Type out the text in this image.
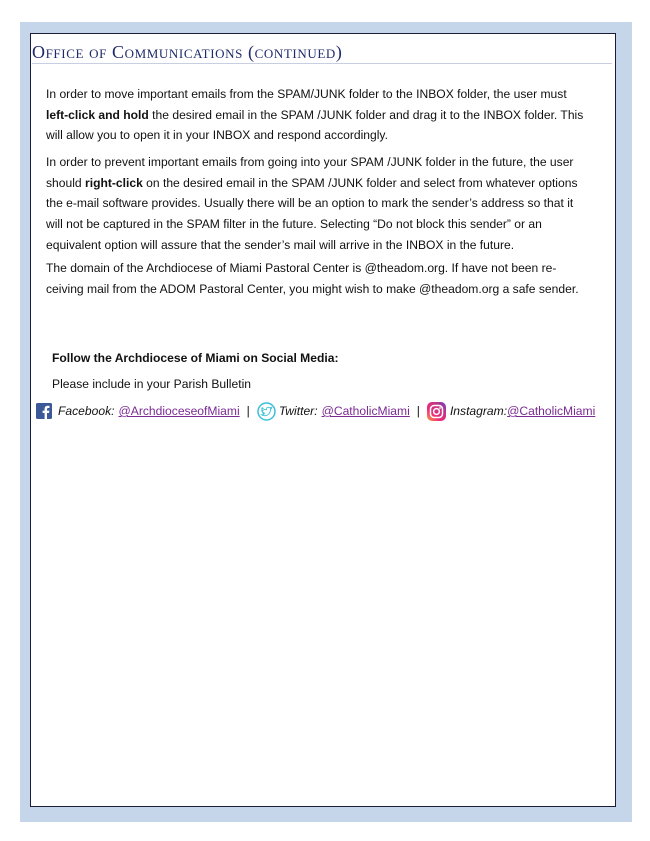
Office of Communications (continued)

In order to move important emails from the SPAM/JUNK folder to the INBOX folder, the user must left-click and hold the desired email in the SPAM /JUNK folder and drag it to the INBOX folder. This will allow you to open it in your INBOX and respond accordingly.

In order to prevent important emails from going into your SPAM /JUNK folder in the future, the user should right-click on the desired email in the SPAM /JUNK folder and select from whatever options the e-mail software provides. Usually there will be an option to mark the sender’s address so that it will not be captured in the SPAM filter in the future. Selecting “Do not block this sender” or an equivalent option will assure that the sender’s mail will arrive in the INBOX in the future.

The domain of the Archdiocese of Miami Pastoral Center is @theadom.org. If have not been re-ceiving mail from the ADOM Pastoral Center, you might wish to make @theadom.org a safe sender.

Follow the Archdiocese of Miami on Social Media:

Please include in your Parish Bulletin

Facebook: @ArchdioceseofMiami | Twitter: @CatholicMiami | Instagram: @CatholicMiami
